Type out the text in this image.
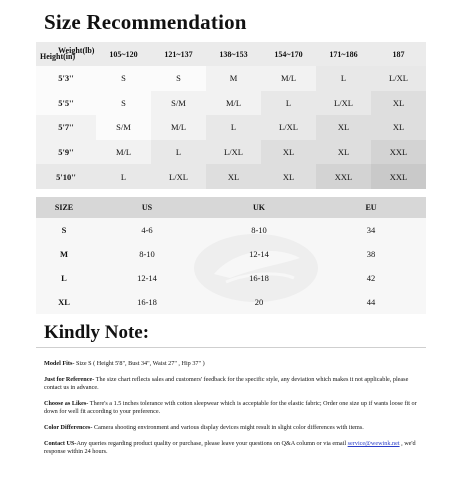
Size Recommendation
Weight(lb)
Height(in)	105~120	121~137	138~153	154~170	171~186	187
5'3''	S	S	M	M/L	L	L/XL
5'5''	S	S/M	M/L	L	L/XL	XL
5'7''	S/M	M/L	L	L/XL	XL	XL
5'9''	M/L	L	L/XL	XL	XL	XXL
5'10''	L	L/XL	XL	XL	XXL	XXL
SIZE	US	UK	EU
S	4-6	8-10	34
M	8-10	12-14	38
L	12-14	16-18	42
XL	16-18	20	44
Kindly Note:

Model Fits- Size S ( Height 5'8", Bust 34", Waist 27" , Hip 37" )

Just for Reference- The size chart reflects sales and customers' feedback for the specific style, any deviation which makes it not applicable, please contact us in advance.

Choose as Likes- There's a 1.5 inches tolerance with cotton sleepwear which is acceptable for the elastic fabric; Order one size up if wants loose fit or down for well fit according to your preference.

Color Differences- Camera shooting environment and various display devices might result in slight color differences with items.

Contact US-Any queries regarding product quality or purchase, please leave your questions on Q&A column or via email service@wewink.net , we'd response within 24 hours.
